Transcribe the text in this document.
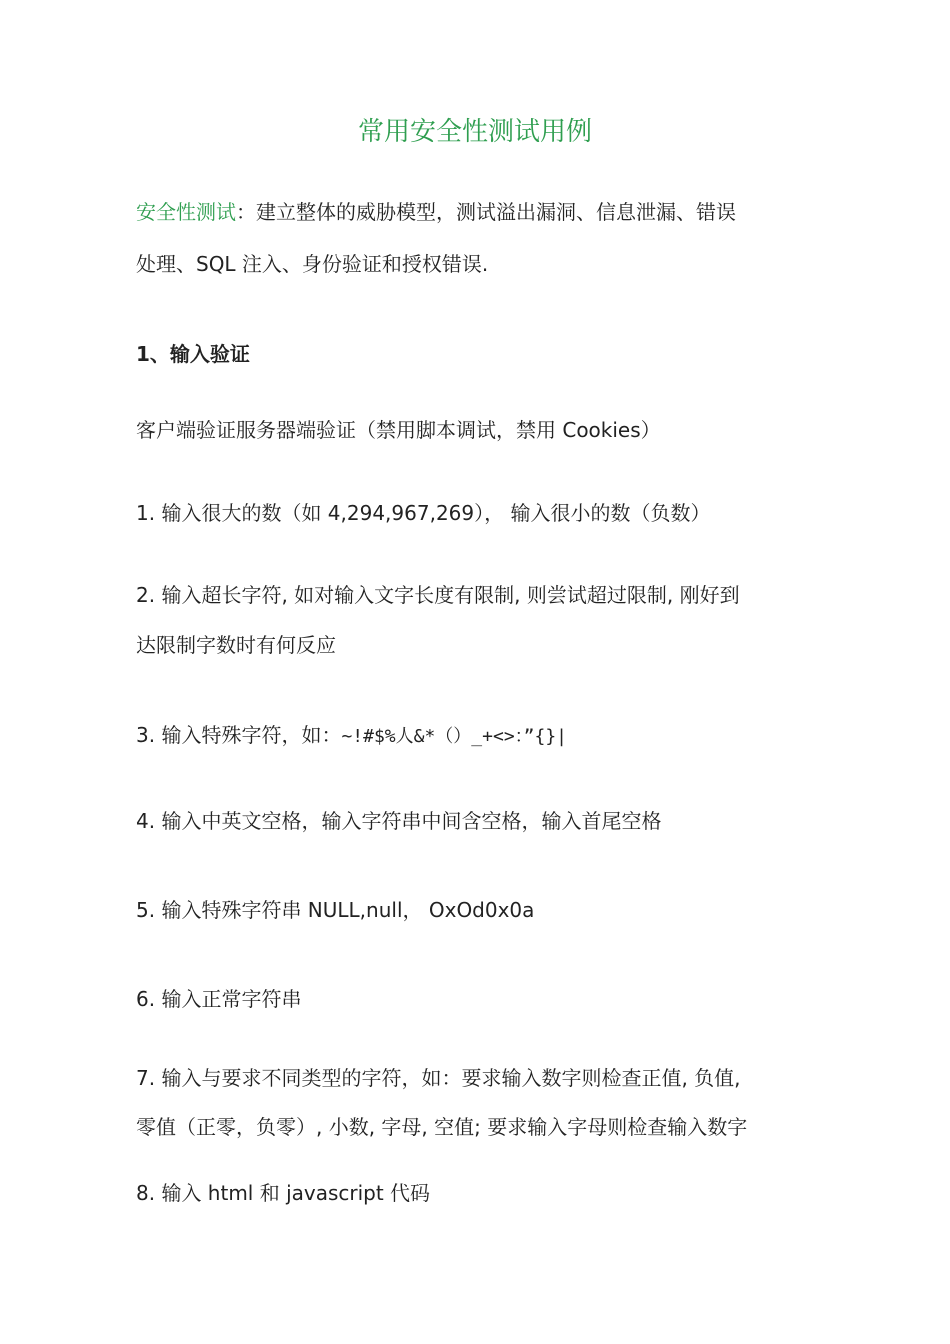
常用安全性测试用例

安全性测试：建立整体的威胁模型，测试溢出漏洞、信息泄漏、错误

处理、SQL 注入、身份验证和授权错误.

1、输入验证

客户端验证服务器端验证（禁用脚本调试，禁用 Cookies）

1. 输入很大的数（如 4,294,967,269）， 输入很小的数（负数）

2. 输入超长字符, 如对输入文字长度有限制, 则尝试超过限制, 刚好到

达限制字数时有何反应

3. 输入特殊字符，如：~!#$%人&*（）_+<>：”{}|

4. 输入中英文空格，输入字符串中间含空格，输入首尾空格

5. 输入特殊字符串 NULL,null， OxOd0x0a

6. 输入正常字符串

7. 输入与要求不同类型的字符，如：要求输入数字则检查正值, 负值,

零值（正零，负零）, 小数, 字母, 空值; 要求输入字母则检查输入数字

8. 输入 html 和 javascript 代码
